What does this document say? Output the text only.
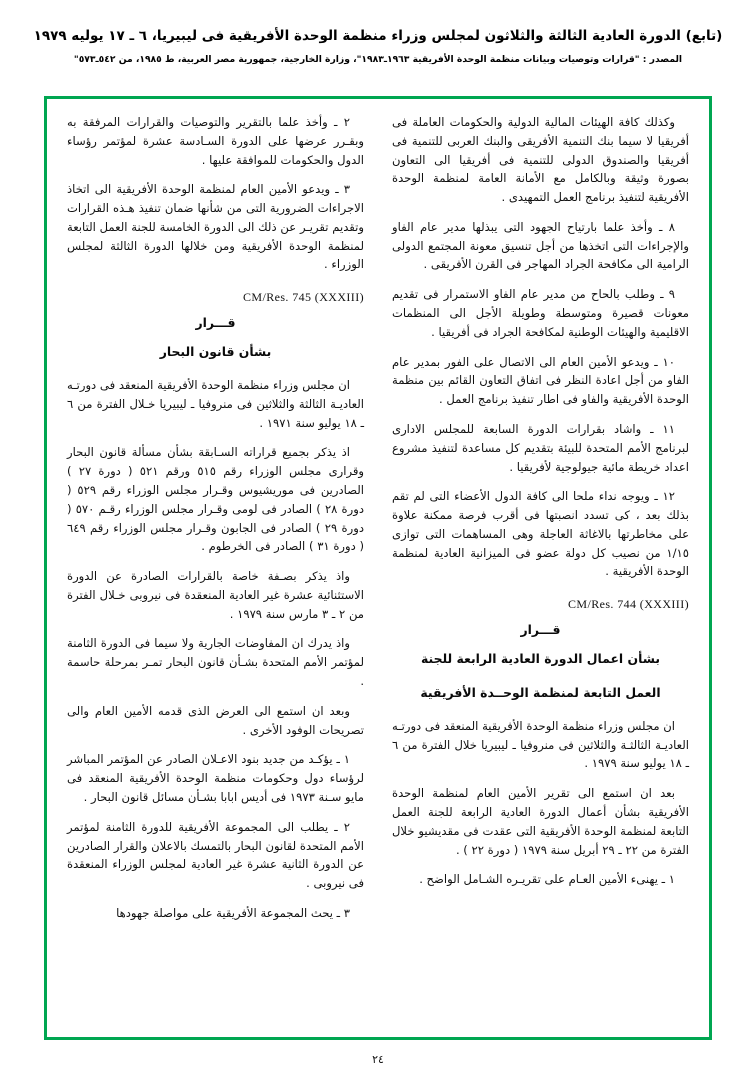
(تابع) الدورة العادية الثالثة والثلاثون لمجلس وزراء منظمة الوحدة الأفريقية فى ليبيريا، ٦ ـ ١٧ يوليه ١٩٧٩
المصدر : "قرارات وتوصيات وبيانات منظمة الوحدة الأفريقية ١٩٦٣ـ١٩٨٣"، وزارة الخارجية، جمهورية مصر العربية، ط ١٩٨٥، من ٥٤٢ـ٥٧٣"

وكذلك كافة الهيئات المالية الدولية والحكومات العاملة فى أفريقيا لا سيما بنك التنمية الأفريقى والبنك العربى للتنمية فى أفريقيا والصندوق الدولى للتنمية فى أفريقيا الى التعاون بصورة وثيقة وبالكامل مع الأمانة العامة لمنظمة الوحدة الأفريقية لتنفيذ برنامج العمل التمهيدى .

٨ ـ وأخذ علما بارتياح الجهود التى يبذلها مدير عام الفاو والإجراءات التى اتخذها من أجل تنسيق معونة المجتمع الدولى الرامية الى مكافحة الجراد المهاجر فى القرن الأفريقى .

٩ ـ وطلب بالحاح من مدير عام الفاو الاستمرار فى تقديم معونات قصيرة ومتوسطة وطويلة الأجل الى المنظمات الاقليمية والهيئات الوطنية لمكافحة الجراد فى أفريقيا .

١٠ ـ ويدعو الأمين العام الى الاتصال على الفور بمدير عام الفاو من أجل اعادة النظر فى اتفاق التعاون القائم بين منظمة الوحدة الأفريقية والفاو فى اطار تنفيذ برنامج العمل .

١١ ـ واشاد بقرارات الدورة السابعة للمجلس الادارى لبرنامج الأمم المتحدة للبيئة بتقديم كل مساعدة لتنفيذ مشروع اعداد خريطة مائية جيولوجية لأفريقيا .

١٢ ـ ويوجه نداء ملحا الى كافة الدول الأعضاء التى لم تقم بذلك بعد ، كى تسدد انصبتها فى أقرب فرصة ممكنة علاوة على مخاطرتها بالاغاثة العاجلة وهى المساهمات التى توازى ١/١٥ من نصيب كل دولة عضو فى الميزانية العادية لمنظمة الوحدة الأفريقية .

CM/Res. 744 (XXXIII)
قـــرار
بشأن اعمال الدورة العادية الرابعة للجنة
العمل التابعة لمنظمة الوحــدة الأفريقية

ان مجلس وزراء منظمة الوحدة الأفريقية المنعقد فى دورتـه العاديـة الثالثـة والثلاثين فى منروفيا ـ ليبيريا خلال الفترة من ٦ ـ ١٨ يوليو سنة ١٩٧٩ .

بعد ان استمع الى تقرير الأمين العام لمنظمة الوحدة الأفريقية بشأن أعمال الدورة العادية الرابعة للجنة العمل التابعة لمنظمة الوحدة الأفريقية التى عقدت فى مقديشيو خلال الفترة من ٢٢ ـ ٢٩ أبريل سنة ١٩٧٩ ( دورة ٢٢ ) .

١ ـ يهنىء الأمين العـام على تقريـره الشـامل الواضح .

٢ ـ وأخذ علما بالتقرير والتوصيات والقرارات المرفقة به وبقـرر عرضها على الدورة السـادسة عشرة لمؤتمر رؤساء الدول والحكومات للموافقة عليها .

٣ ـ ويدعو الأمين العام لمنظمة الوحدة الأفريقية الى اتخاذ الاجراءات الضرورية التى من شأنها ضمان تنفيذ هـذه القرارات وتقديم تقريـر عن ذلك الى الدورة الخامسة للجنة العمل التابعة لمنظمة الوحدة الأفريقية ومن خلالها الدورة الثالثة لمجلس الوزراء .

CM/Res. 745 (XXXIII)
قـــرار
بشأن قانون البحار

ان مجلس وزراء منظمة الوحدة الأفريقية المنعقد فى دورتـه العاديـة الثالثة والثلاثين فى منروفيا ـ ليبيريا خـلال الفترة من ٦ ـ ١٨ يوليو سنة ١٩٧١ .

اذ يذكر بجميع قراراته السـابقة بشأن مسألة قانون البحار وقرارى مجلس الوزراء رقم ٥١٥ ورقم ٥٢١ ( دورة ٢٧ ) الصادرين فى موريشيوس وقـرار مجلس الوزراء رقم ٥٢٩ ( دورة ٢٨ ) الصادر فى لومى وقـرار مجلس الوزراء رقـم ٥٧٠ ( دورة ٢٩ ) الصادر فى الجابون وقـرار مجلس الوزراء رقم ٦٤٩ ( دورة ٣١ ) الصادر فى الخرطوم .

واذ يذكر بصـفة خاصة بالقرارات الصادرة عن الدورة الاستثنائية عشرة غير العادية المنعقدة فى نيروبى خـلال الفترة من ٢ ـ ٣ مارس سنة ١٩٧٩ .

واذ يدرك ان المفاوضات الجارية ولا سيما فى الدورة الثامنة لمؤتمر الأمم المتحدة بشـأن قانون البحار تمـر بمرحلة حاسمة .

وبعد ان استمع الى العرض الذى قدمه الأمين العام والى تصريحات الوفود الأخرى .

١ ـ يؤكـد من جديد بنود الاعـلان الصادر عن المؤتمر المباشر لرؤساء دول وحكومات منظمة الوحدة الأفريقية المنعقد فى مايو سـنة ١٩٧٣ فى أديس ابابا بشـأن مسائل قانون البحار .

٢ ـ يطلب الى المجموعة الأفريقية للدورة الثامنة لمؤتمر الأمم المتحدة لقانون البحار بالتمسك بالاعلان والقرار الصادرين عن الدورة الثانية عشرة غير العادية لمجلس الوزراء المنعقدة فى نيروبى .

٣ ـ يحث المجموعة الأفريقية على مواصلة جهودها

٢٤
